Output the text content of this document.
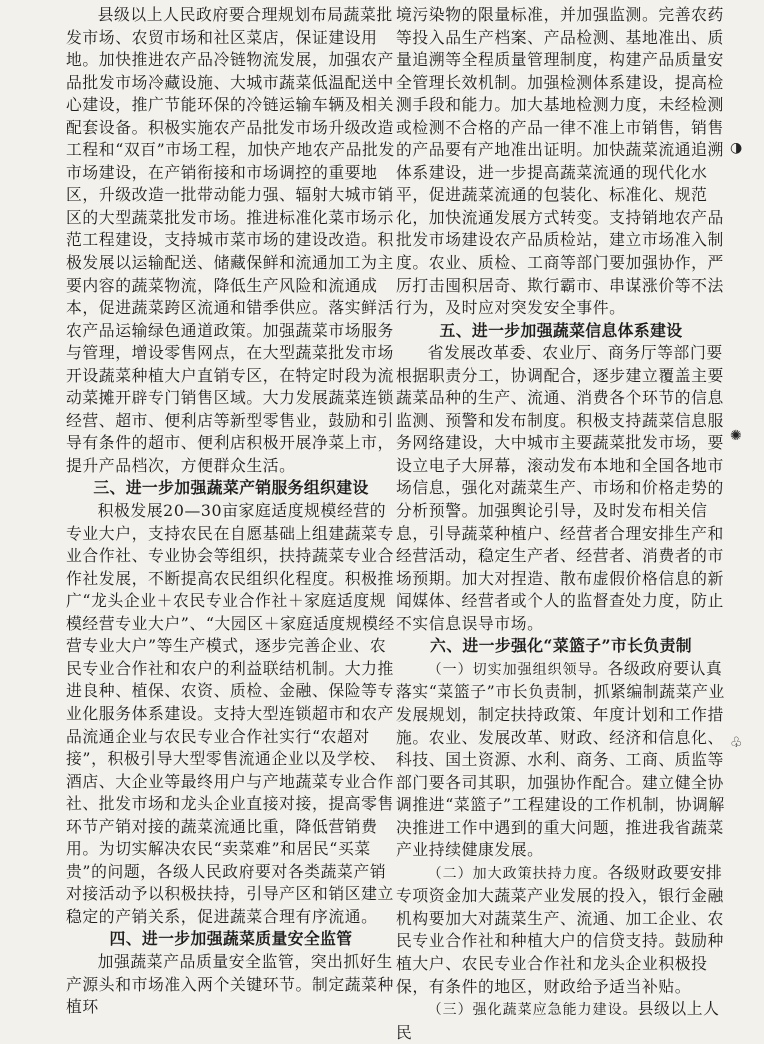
县级以上人民政府要合理规划布局蔬菜批发市场、农贸市场和社区菜店，保证建设用地。加快推进农产品冷链物流发展，加强农产品批发市场冷藏设施、大城市蔬菜低温配送中心建设，推广节能环保的冷链运输车辆及相关配套设备。积极实施农产品批发市场升级改造工程和“双百”市场工程，加快产地农产品批发市场建设，在产销衔接和市场调控的重要地区，升级改造一批带动能力强、辐射大城市销区的大型蔬菜批发市场。推进标准化菜市场示范工程建设，支持城市菜市场的建设改造。积极发展以运输配送、储藏保鲜和流通加工为主要内容的蔬菜物流，降低生产风险和流通成本，促进蔬菜跨区流通和错季供应。落实鲜活农产品运输绿色通道政策。加强蔬菜市场服务与管理，增设零售网点，在大型蔬菜批发市场开设蔬菜种植大户直销专区，在特定时段为流动菜摊开辟专门销售区域。大力发展蔬菜连锁经营、超市、便利店等新型零售业，鼓励和引导有条件的超市、便利店积极开展净菜上市，提升产品档次，方便群众生活。

三、进一步加强蔬菜产销服务组织建设

积极发展20—30亩家庭适度规模经营的专业大户，支持农民在自愿基础上组建蔬菜专业合作社、专业协会等组织，扶持蔬菜专业合作社发展，不断提高农民组织化程度。积极推广“龙头企业＋农民专业合作社＋家庭适度规模经营专业大户”、“大园区＋家庭适度规模经营专业大户”等生产模式，逐步完善企业、农民专业合作社和农户的利益联结机制。大力推进良种、植保、农资、质检、金融、保险等专业化服务体系建设。支持大型连锁超市和农产品流通企业与农民专业合作社实行“农超对接”，积极引导大型零售流通企业以及学校、酒店、大企业等最终用户与产地蔬菜专业合作社、批发市场和龙头企业直接对接，提高零售环节产销对接的蔬菜流通比重，降低营销费用。为切实解决农民“卖菜难”和居民“买菜贵”的问题，各级人民政府要对各类蔬菜产销对接活动予以积极扶持，引导产区和销区建立稳定的产销关系，促进蔬菜合理有序流通。

四、进一步加强蔬菜质量安全监管

加强蔬菜产品质量安全监管，突出抓好生产源头和市场准入两个关键环节。制定蔬菜种植环

境污染物的限量标准，并加强监测。完善农药等投入品生产档案、产品检测、基地准出、质量追溯等全程质量管理制度，构建产品质量安全管理长效机制。加强检测体系建设，提高检测手段和能力。加大基地检测力度，未经检测或检测不合格的产品一律不准上市销售，销售的产品要有产地准出证明。加快蔬菜流通追溯体系建设，进一步提高蔬菜流通的现代化水平，促进蔬菜流通的包装化、标准化、规范化，加快流通发展方式转变。支持销地农产品批发市场建设农产品质检站，建立市场准入制度。农业、质检、工商等部门要加强协作，严厉打击囤积居奇、欺行霸市、串谋涨价等不法行为，及时应对突发安全事件。

五、进一步加强蔬菜信息体系建设

省发展改革委、农业厅、商务厅等部门要根据职责分工，协调配合，逐步建立覆盖主要蔬菜品种的生产、流通、消费各个环节的信息监测、预警和发布制度。积极支持蔬菜信息服务网络建设，大中城市主要蔬菜批发市场，要设立电子大屏幕，滚动发布本地和全国各地市场信息，强化对蔬菜生产、市场和价格走势的分析预警。加强舆论引导，及时发布相关信息，引导蔬菜种植户、经营者合理安排生产和经营活动，稳定生产者、经营者、消费者的市场预期。加大对捏造、散布虚假价格信息的新闻媒体、经营者或个人的监督查处力度，防止不实信息误导市场。

六、进一步强化“菜篮子”市长负责制

（一）切实加强组织领导。各级政府要认真落实“菜篮子”市长负责制，抓紧编制蔬菜产业发展规划，制定扶持政策、年度计划和工作措施。农业、发展改革、财政、经济和信息化、科技、国土资源、水利、商务、工商、质监等部门要各司其职，加强协作配合。建立健全协调推进“菜篮子”工程建设的工作机制，协调解决推进工作中遇到的重大问题，推进我省蔬菜产业持续健康发展。

（二）加大政策扶持力度。各级财政要安排专项资金加大蔬菜产业发展的投入，银行金融机构要加大对蔬菜生产、流通、加工企业、农民专业合作社和种植大户的信贷支持。鼓励种植大户、农民专业合作社和龙头企业积极投保，有条件的地区，财政给予适当补贴。

（三）强化蔬菜应急能力建设。县级以上人民

◑
✺
♧
